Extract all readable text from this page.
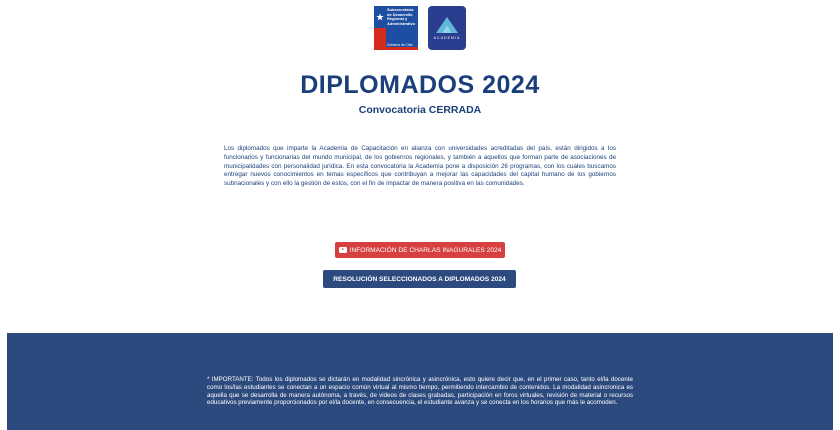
Subsecretaría
de Desarrollo
Regional y
Administrativo
Gobierno de Chile
ACADEMIA
DIPLOMADOS 2024
Convocatoria CERRADA

Los diplomados que imparte la Academia de Capacitación en alianza con universidades acreditadas del país, están dirigidos a los funcionarios y funcionarias del mundo municipal, de los gobiernos regionales, y también a aquellos que forman parte de asociaciones de municipalidades con personalidad jurídica. En esta convocatoria la Academia pone a disposición 26 programas, con los cuales buscamos entregar nuevos conocimientos en temas específicos que contribuyan a mejorar las capacidades del capital humano de los gobiernos subnacionales y con ello la gestión de estos, con el fin de impactar de manera positiva en las comunidades.

INFORMACIÓN DE CHARLAS INAGURALES 2024
RESOLUCIÓN SELECCIONADOS A DIPLOMADOS 2024

* IMPORTANTE: Todos los diplomados se dictarán en modalidad sincrónica y asincrónica, esto quiere decir que, en el primer caso, tanto el/la docente como los/las estudiantes se conectan a un espacio común virtual al mismo tiempo, permitiendo intercambio de contenidos. La modalidad asincronica es aquella que se desarrolla de manera autónoma, a través, de videos de clases grabadas, participación en foros virtuales, revisión de material o recursos educativos previamente proporcionados por el/la docente, en consecuencia, el estudiante avanza y se conecta en los horarios que más le acomoden.
